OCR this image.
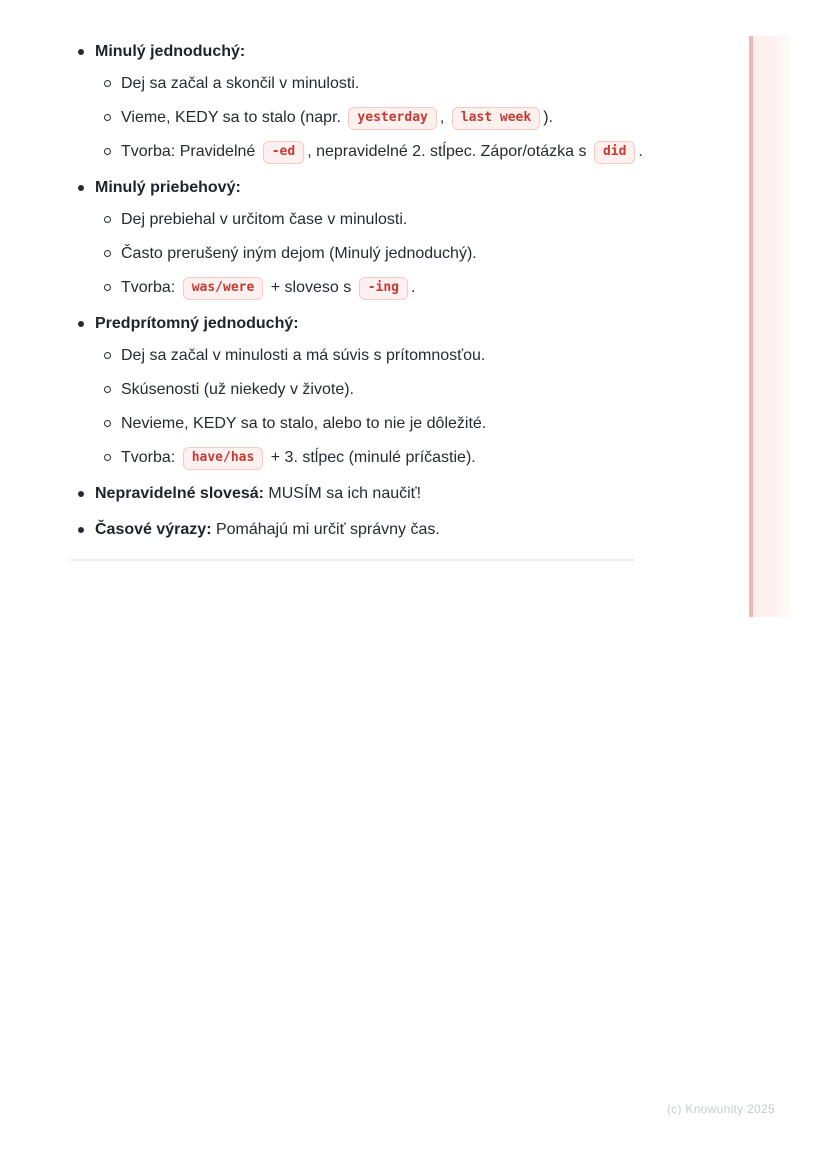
Minulý jednoduchý:
Dej sa začal a skončil v minulosti.
Vieme, KEDY sa to stalo (napr. yesterday , last week ).
Tvorba: Pravidelné -ed , nepravidelné 2. stĺpec. Zápor/otázka s did .
Minulý priebehový:
Dej prebiehal v určitom čase v minulosti.
Často prerušený iným dejom (Minulý jednoduchý).
Tvorba: was/were + sloveso s -ing .
Predprítomný jednoduchý:
Dej sa začal v minulosti a má súvis s prítomnosťou.
Skúsenosti (už niekedy v živote).
Nevieme, KEDY sa to stalo, alebo to nie je dôležité.
Tvorba: have/has + 3. stĺpec (minulé príčastie).
Nepravidelné slovesá: MUSÍM sa ich naučiť!
Časové výrazy: Pomáhajú mi určiť správny čas.
(c) Knowunity 2025
